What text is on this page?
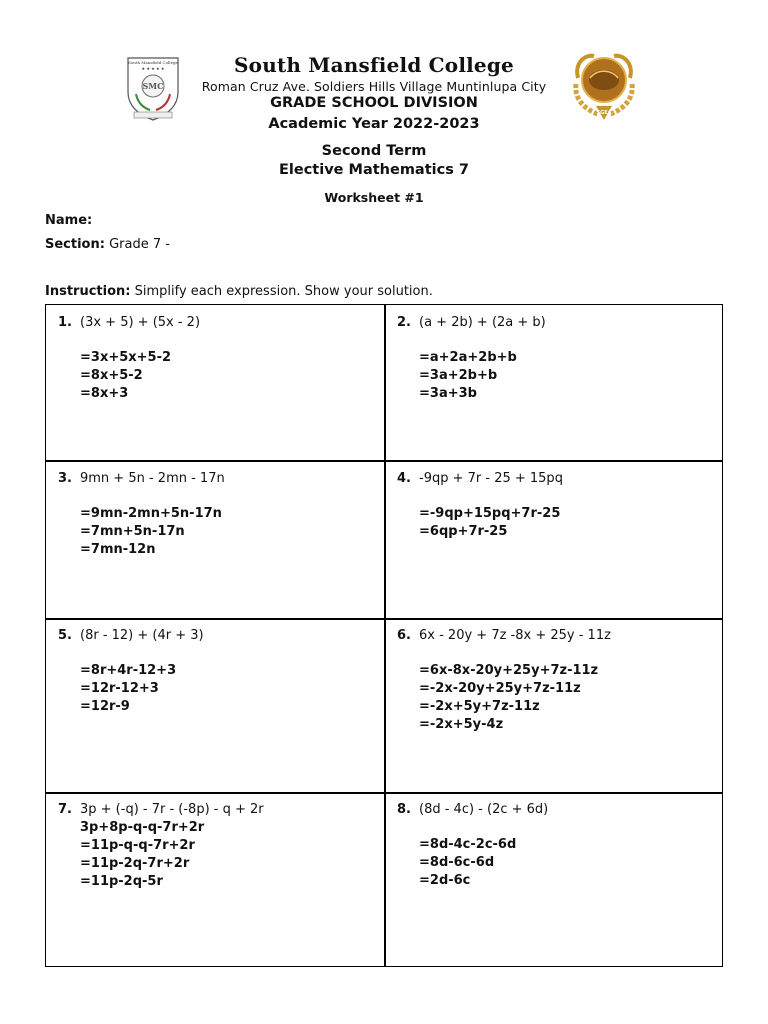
South Mansfield College
★ ★ ★ ★ ★
SMC
SGEA
South Mansfield College
Roman Cruz Ave. Soldiers Hills Village Muntinlupa City
GRADE SCHOOL DIVISION
Academic Year 2022-2023
Second Term
Elective Mathematics 7
Worksheet #1
Name:
Section: Grade 7 -
Instruction: Simplify each expression. Show your solution.
1. (3x + 5) + (5x - 2)
=3x+5x+5-2
=8x+5-2
=8x+3
2. (a + 2b) + (2a + b)
=a+2a+2b+b
=3a+2b+b
=3a+3b
3. 9mn + 5n - 2mn - 17n
=9mn-2mn+5n-17n
=7mn+5n-17n
=7mn-12n
4. -9qp + 7r - 25 + 15pq
=-9qp+15pq+7r-25
=6qp+7r-25
5. (8r - 12) + (4r + 3)
=8r+4r-12+3
=12r-12+3
=12r-9
6. 6x - 20y + 7z -8x + 25y - 11z
=6x-8x-20y+25y+7z-11z
=-2x-20y+25y+7z-11z
=-2x+5y+7z-11z
=-2x+5y-4z
7. 3p + (-q) - 7r - (-8p) - q + 2r
3p+8p-q-q-7r+2r
=11p-q-q-7r+2r
=11p-2q-7r+2r
=11p-2q-5r
8. (8d - 4c) - (2c + 6d)
=8d-4c-2c-6d
=8d-6c-6d
=2d-6c
